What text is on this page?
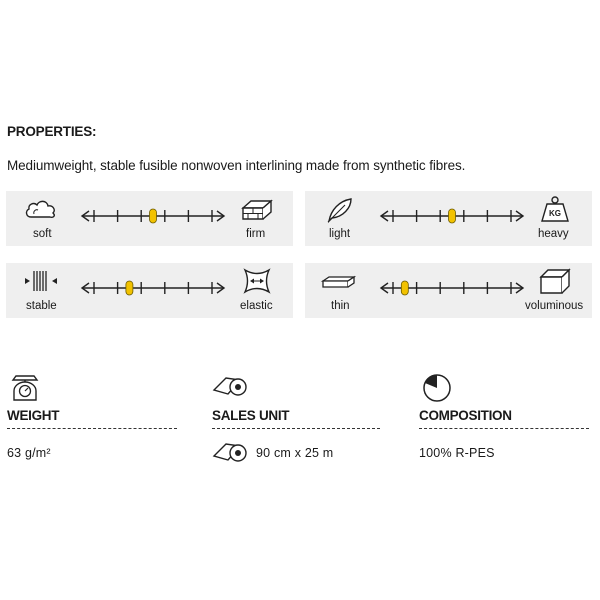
PROPERTIES:
Mediumweight, stable fusible nonwoven interlining made from synthetic fibres.
soft	firm
KG
light	heavy
stable	elastic	thin	voluminous
WEIGHT
63 g/m²
SALES UNIT
90 cm x 25 m
COMPOSITION
100% R-PES
